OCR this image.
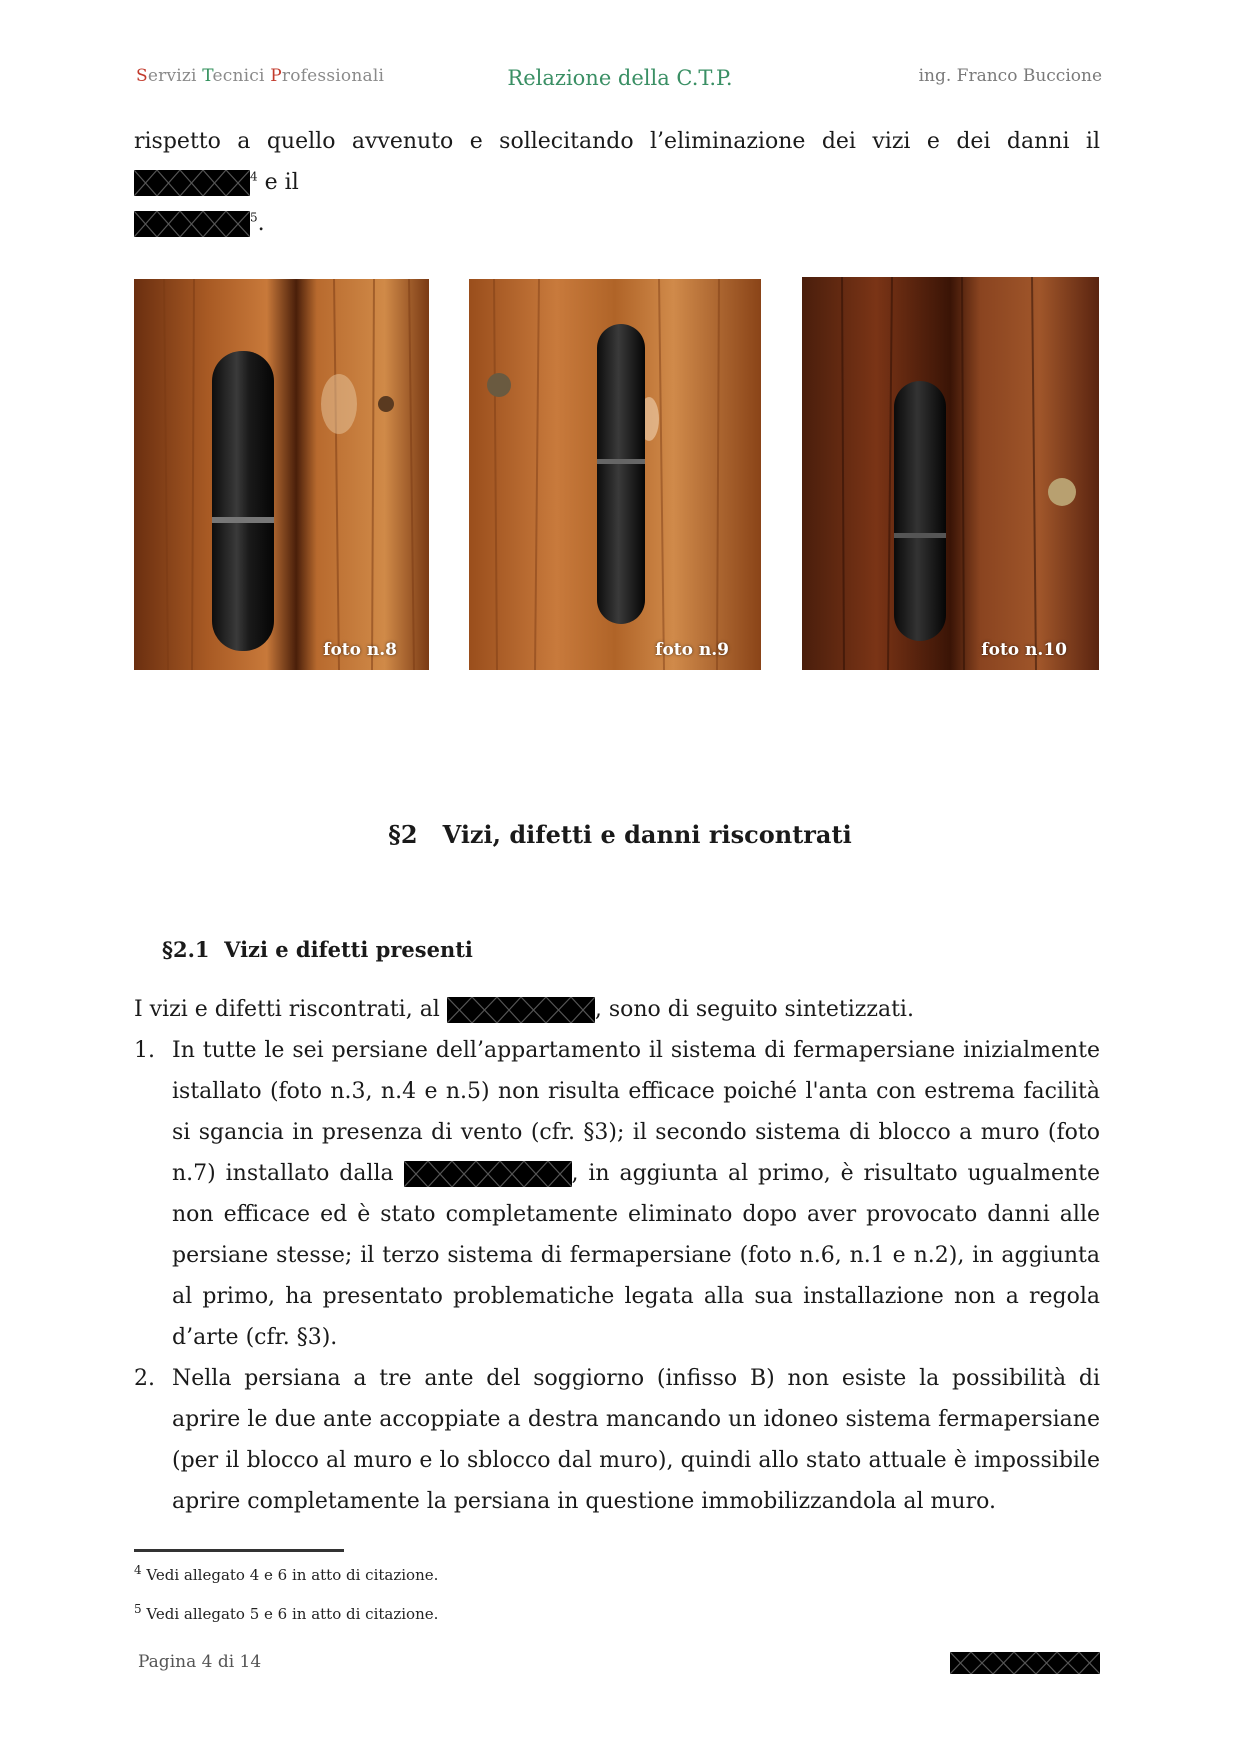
Servizi Tecnici Professionali	Relazione della C.T.P.	ing. Franco Buccione
rispetto a quello avvenuto e sollecitando l’eliminazione dei vizi e dei danni il
$^4$ e il

$^5$.
foto n.8	foto n.9	foto n.10
§2   Vizi, difetti e danni riscontrati
§2.1  Vizi e difetti presenti
I vizi e difetti riscontrati, al	, sono di seguito sintetizzati.
1. In tutte le sei persiane dell’appartamento il sistema di fermapersiane inizialmente istallato (foto n.3, n.4 e n.5) non risulta efficace poiché l'anta con estrema facilità si sgancia in presenza di vento (cfr. §3); il secondo sistema di blocco a muro (foto n.7) installato dalla	, in aggiunta al primo, è risultato ugualmente non efficace ed è stato completamente eliminato dopo aver provocato danni alle persiane stesse; il terzo sistema di fermapersiane (foto n.6, n.1 e n.2), in aggiunta al primo, ha presentato problematiche legata alla sua installazione non a regola d’arte (cfr. §3).
2. Nella persiana a tre ante del soggiorno (infisso B) non esiste la possibilità di aprire le due ante accoppiate a destra mancando un idoneo sistema fermapersiane (per il blocco al muro e lo sblocco dal muro), quindi allo stato attuale è impossibile aprire completamente la persiana in questione immobilizzandola al muro.
$^4$ Vedi allegato 4 e 6 in atto di citazione.
$^5$ Vedi allegato 5 e 6 in atto di citazione.
Pagina 4 di 14
